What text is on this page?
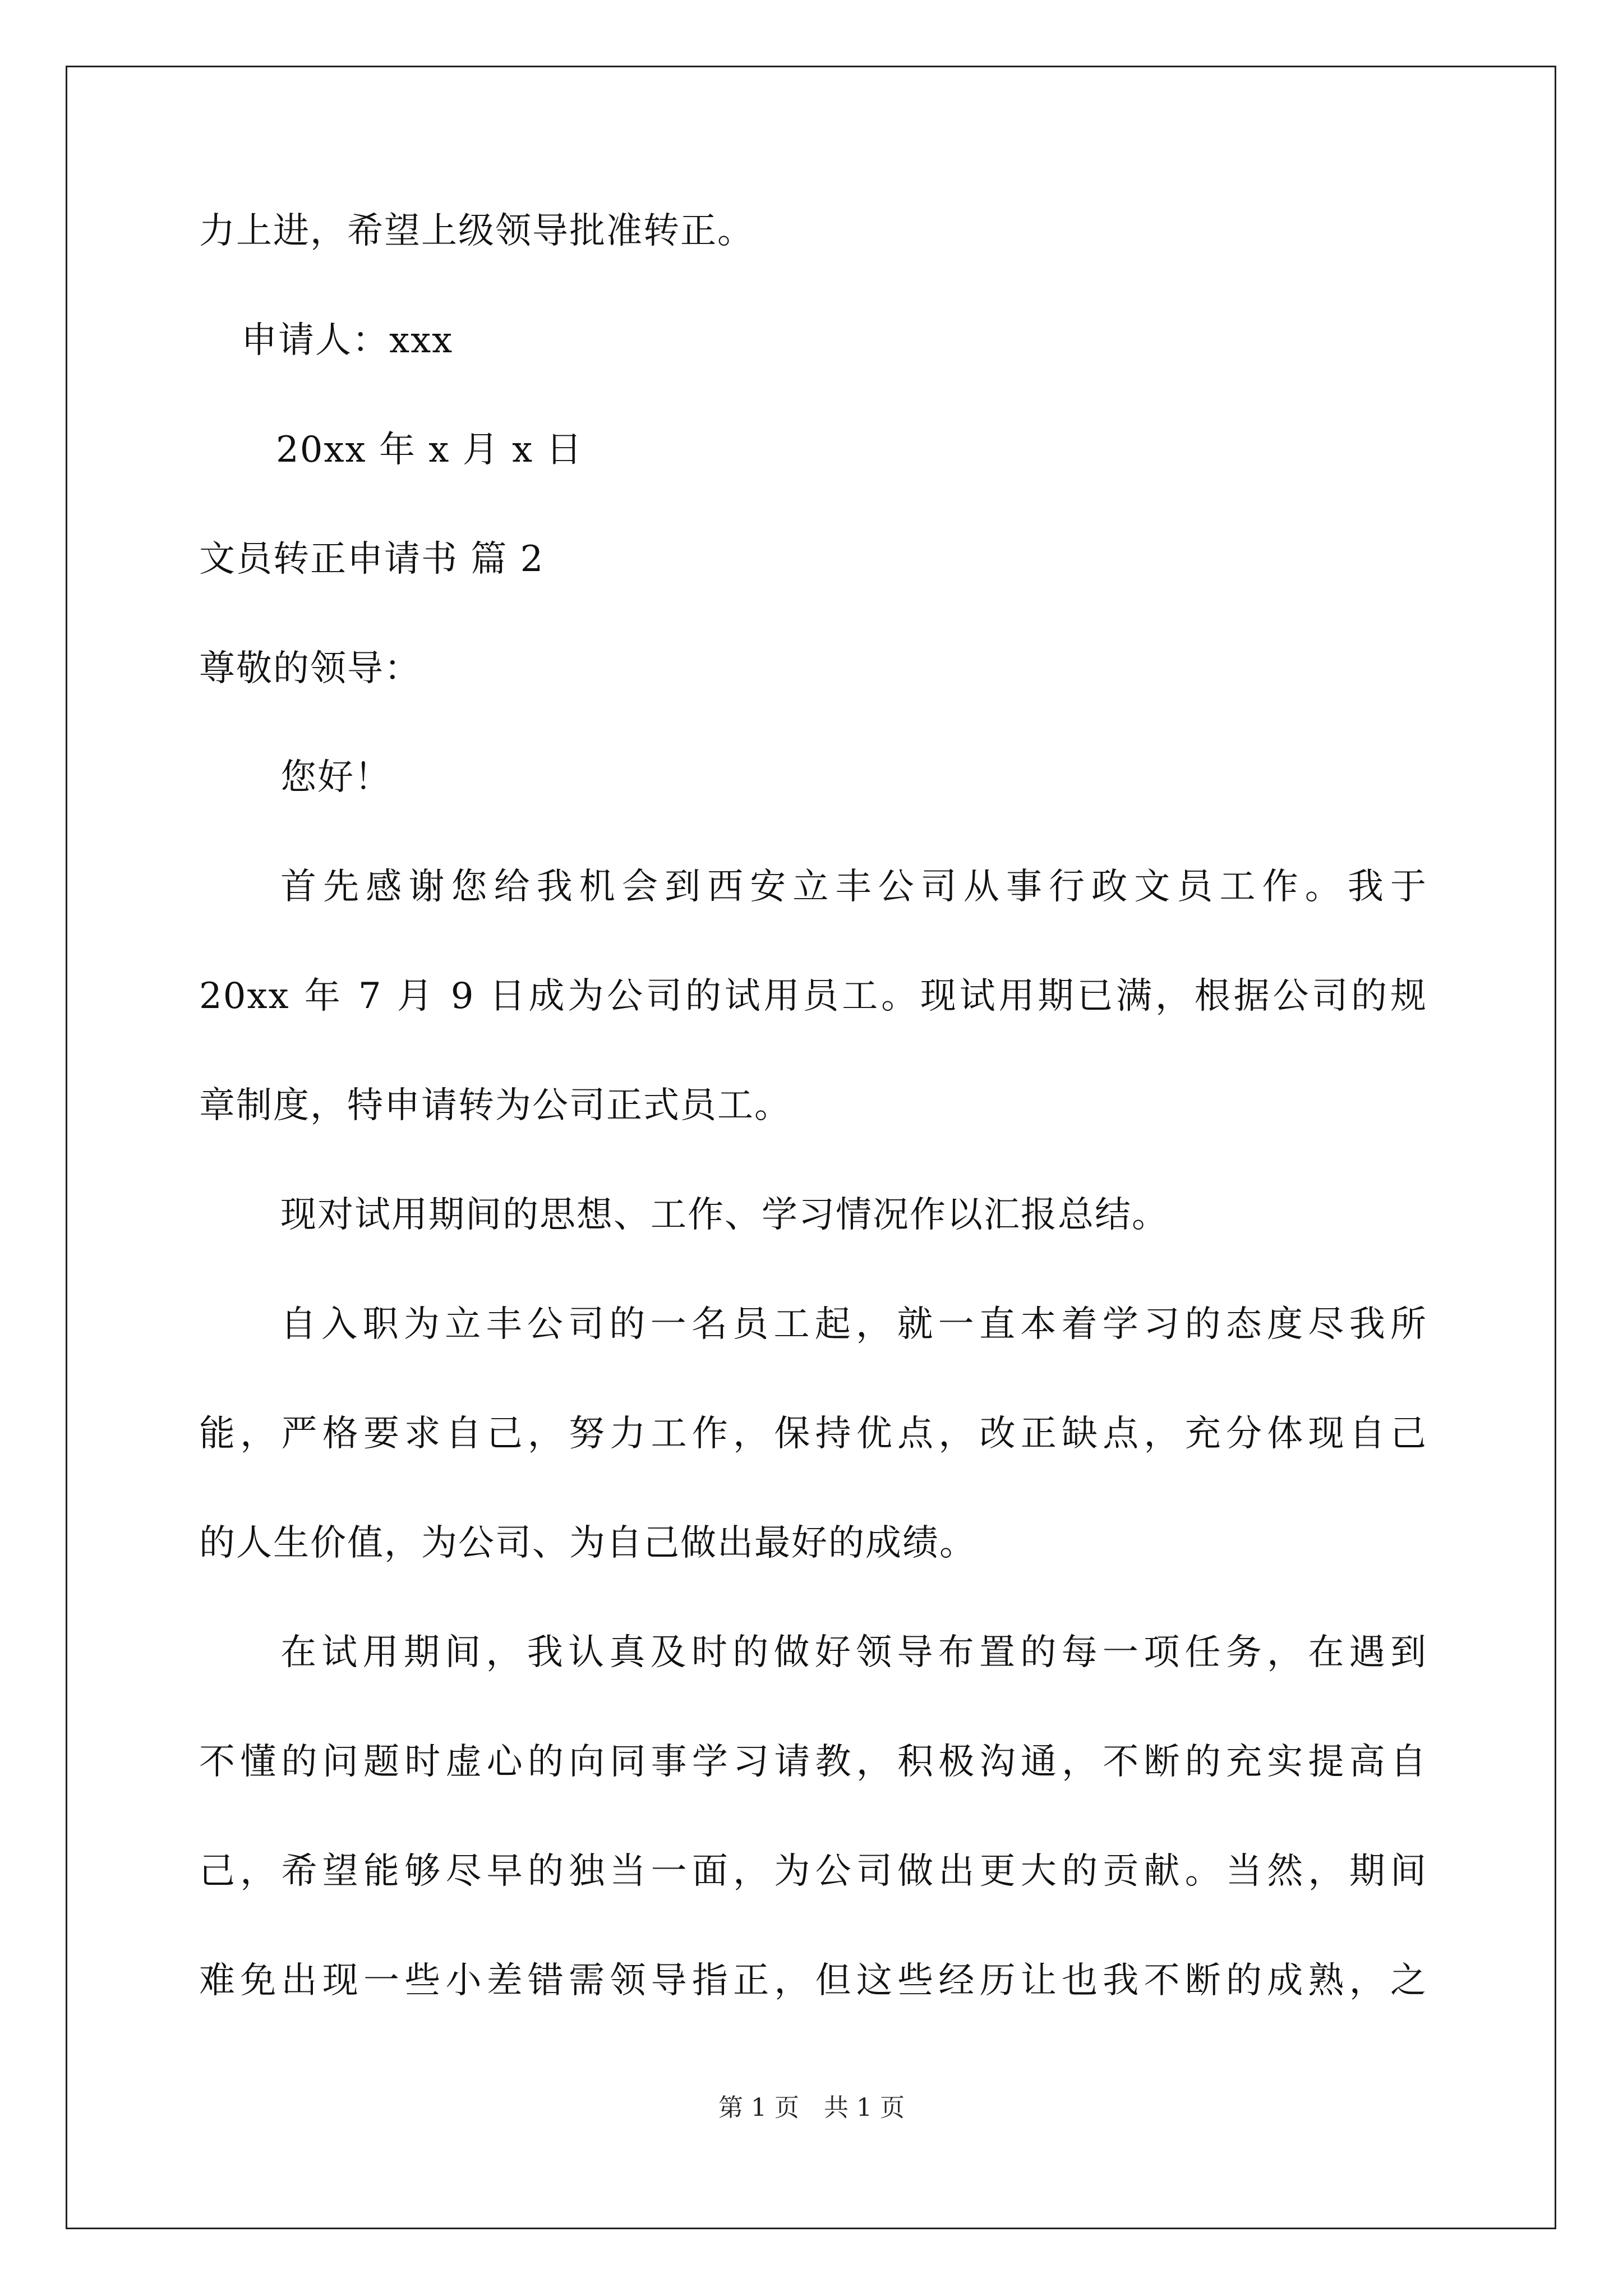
力上进，希望上级领导批准转正。
申请人：xxx
20xx 年 x 月 x 日
文员转正申请书 篇 2
尊敬的领导：
您好！
首先感谢您给我机会到西安立丰公司从事行政文员工作。我于
20xx 年 7 月 9 日成为公司的试用员工。现试用期已满，根据公司的规
章制度，特申请转为公司正式员工。
现对试用期间的思想、工作、学习情况作以汇报总结。
自入职为立丰公司的一名员工起，就一直本着学习的态度尽我所
能，严格要求自己，努力工作，保持优点，改正缺点，充分体现自己
的人生价值，为公司、为自己做出最好的成绩。
在试用期间，我认真及时的做好领导布置的每一项任务，在遇到
不懂的问题时虚心的向同事学习请教，积极沟通，不断的充实提高自
己，希望能够尽早的独当一面，为公司做出更大的贡献。当然，期间
难免出现一些小差错需领导指正，但这些经历让也我不断的成熟，之
第 1 页　共 1 页
